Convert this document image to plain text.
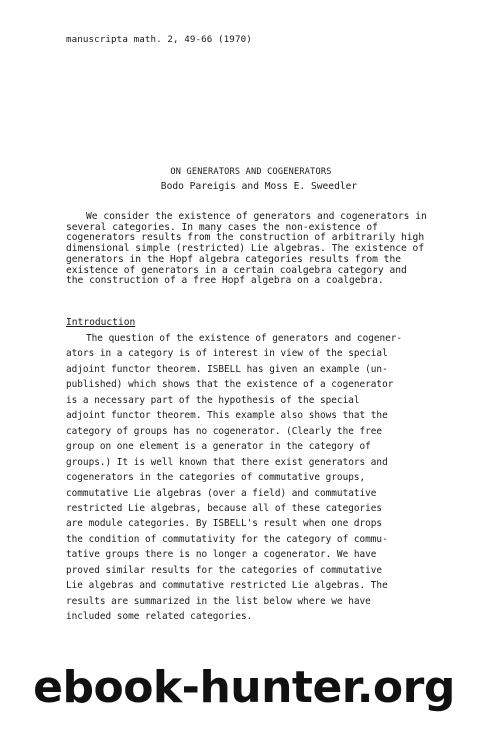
manuscripta math. 2, 49-66 (1970)
ON GENERATORS AND COGENERATORS
Bodo Pareigis and Moss E. Sweedler

We consider the existence of generators and cogenerators in several categories. In many cases the non-existence of cogenerators results from the construction of arbitrarily high dimensional simple (restricted) Lie algebras. The existence of generators in the Hopf algebra categories results from the existence of generators in a certain coalgebra category and the construction of a free Hopf algebra on a coalgebra.

Introduction
The question of the existence of generators and cogener-
ators in a category is of interest in view of the special
adjoint functor theorem. ISBELL has given an example (un-
published) which shows that the existence of a cogenerator
is a necessary part of the hypothesis of the special
adjoint functor theorem. This example also shows that the
category of groups has no cogenerator. (Clearly the free
group on one element is a generator in the category of
groups.) It is well known that there exist generators and
cogenerators in the categories of commutative groups,
commutative Lie algebras (over a field) and commutative
restricted Lie algebras, because all of these categories
are module categories. By ISBELL's result when one drops
the condition of commutativity for the category of commu-
tative groups there is no longer a cogenerator. We have
proved similar results for the categories of commutative
Lie algebras and commutative restricted Lie algebras. The
results are summarized in the list below where we have
included some related categories.
ebook-hunter.org
